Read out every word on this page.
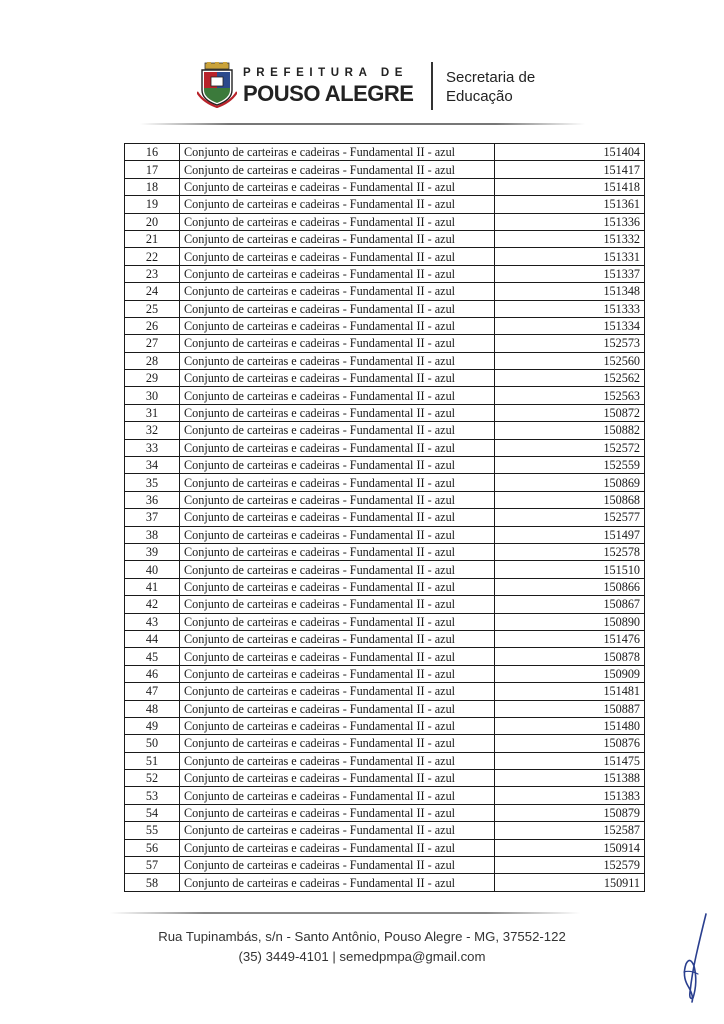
PREFEITURA DE
POUSO ALEGRE
Secretaria de
Educação
16	Conjunto de carteiras e cadeiras - Fundamental II - azul	151404
17	Conjunto de carteiras e cadeiras - Fundamental II - azul	151417
18	Conjunto de carteiras e cadeiras - Fundamental II - azul	151418
19	Conjunto de carteiras e cadeiras - Fundamental II - azul	151361
20	Conjunto de carteiras e cadeiras - Fundamental II - azul	151336
21	Conjunto de carteiras e cadeiras - Fundamental II - azul	151332
22	Conjunto de carteiras e cadeiras - Fundamental II - azul	151331
23	Conjunto de carteiras e cadeiras - Fundamental II - azul	151337
24	Conjunto de carteiras e cadeiras - Fundamental II - azul	151348
25	Conjunto de carteiras e cadeiras - Fundamental II - azul	151333
26	Conjunto de carteiras e cadeiras - Fundamental II - azul	151334
27	Conjunto de carteiras e cadeiras - Fundamental II - azul	152573
28	Conjunto de carteiras e cadeiras - Fundamental II - azul	152560
29	Conjunto de carteiras e cadeiras - Fundamental II - azul	152562
30	Conjunto de carteiras e cadeiras - Fundamental II - azul	152563
31	Conjunto de carteiras e cadeiras - Fundamental II - azul	150872
32	Conjunto de carteiras e cadeiras - Fundamental II - azul	150882
33	Conjunto de carteiras e cadeiras - Fundamental II - azul	152572
34	Conjunto de carteiras e cadeiras - Fundamental II - azul	152559
35	Conjunto de carteiras e cadeiras - Fundamental II - azul	150869
36	Conjunto de carteiras e cadeiras - Fundamental II - azul	150868
37	Conjunto de carteiras e cadeiras - Fundamental II - azul	152577
38	Conjunto de carteiras e cadeiras - Fundamental II - azul	151497
39	Conjunto de carteiras e cadeiras - Fundamental II - azul	152578
40	Conjunto de carteiras e cadeiras - Fundamental II - azul	151510
41	Conjunto de carteiras e cadeiras - Fundamental II - azul	150866
42	Conjunto de carteiras e cadeiras - Fundamental II - azul	150867
43	Conjunto de carteiras e cadeiras - Fundamental II - azul	150890
44	Conjunto de carteiras e cadeiras - Fundamental II - azul	151476
45	Conjunto de carteiras e cadeiras - Fundamental II - azul	150878
46	Conjunto de carteiras e cadeiras - Fundamental II - azul	150909
47	Conjunto de carteiras e cadeiras - Fundamental II - azul	151481
48	Conjunto de carteiras e cadeiras - Fundamental II - azul	150887
49	Conjunto de carteiras e cadeiras - Fundamental II - azul	151480
50	Conjunto de carteiras e cadeiras - Fundamental II - azul	150876
51	Conjunto de carteiras e cadeiras - Fundamental II - azul	151475
52	Conjunto de carteiras e cadeiras - Fundamental II - azul	151388
53	Conjunto de carteiras e cadeiras - Fundamental II - azul	151383
54	Conjunto de carteiras e cadeiras - Fundamental II - azul	150879
55	Conjunto de carteiras e cadeiras - Fundamental II - azul	152587
56	Conjunto de carteiras e cadeiras - Fundamental II - azul	150914
57	Conjunto de carteiras e cadeiras - Fundamental II - azul	152579
58	Conjunto de carteiras e cadeiras - Fundamental II - azul	150911
Rua Tupinambás, s/n - Santo Antônio, Pouso Alegre - MG, 37552-122
(35) 3449-4101 | semedpmpa@gmail.com
